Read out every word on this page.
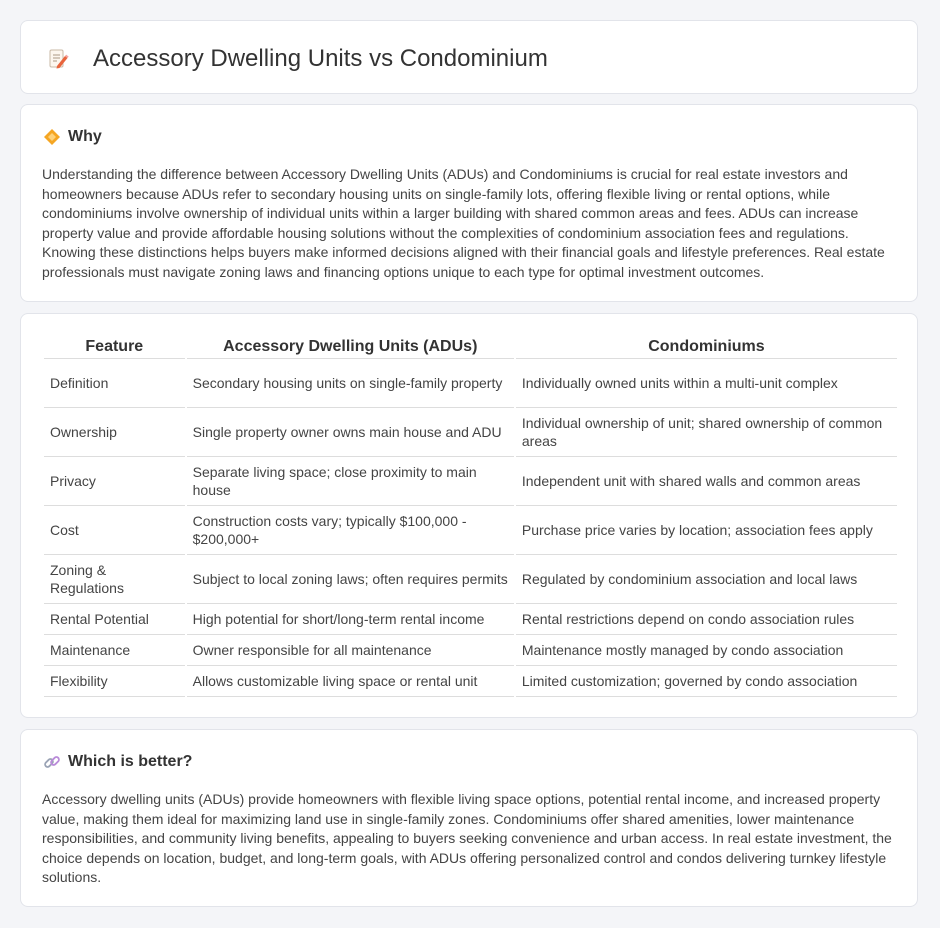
Accessory Dwelling Units vs Condominium
Why

Understanding the difference between Accessory Dwelling Units (ADUs) and Condominiums is crucial for real estate investors and homeowners because ADUs refer to secondary housing units on single-family lots, offering flexible living or rental options, while condominiums involve ownership of individual units within a larger building with shared common areas and fees. ADUs can increase property value and provide affordable housing solutions without the complexities of condominium association fees and regulations. Knowing these distinctions helps buyers make informed decisions aligned with their financial goals and lifestyle preferences. Real estate professionals must navigate zoning laws and financing options unique to each type for optimal investment outcomes.

Feature	Accessory Dwelling Units (ADUs)	Condominiums
Definition	Secondary housing units on single-family property	Individually owned units within a multi-unit complex
Ownership	Single property owner owns main house and ADU	Individual ownership of unit; shared ownership of common areas
Privacy	Separate living space; close proximity to main house	Independent unit with shared walls and common areas
Cost	Construction costs vary; typically $100,000 - $200,000+	Purchase price varies by location; association fees apply
Zoning & Regulations	Subject to local zoning laws; often requires permits	Regulated by condominium association and local laws
Rental Potential	High potential for short/long-term rental income	Rental restrictions depend on condo association rules
Maintenance	Owner responsible for all maintenance	Maintenance mostly managed by condo association
Flexibility	Allows customizable living space or rental unit	Limited customization; governed by condo association
Which is better?

Accessory dwelling units (ADUs) provide homeowners with flexible living space options, potential rental income, and increased property value, making them ideal for maximizing land use in single-family zones. Condominiums offer shared amenities, lower maintenance responsibilities, and community living benefits, appealing to buyers seeking convenience and urban access. In real estate investment, the choice depends on location, budget, and long-term goals, with ADUs offering personalized control and condos delivering turnkey lifestyle solutions.
